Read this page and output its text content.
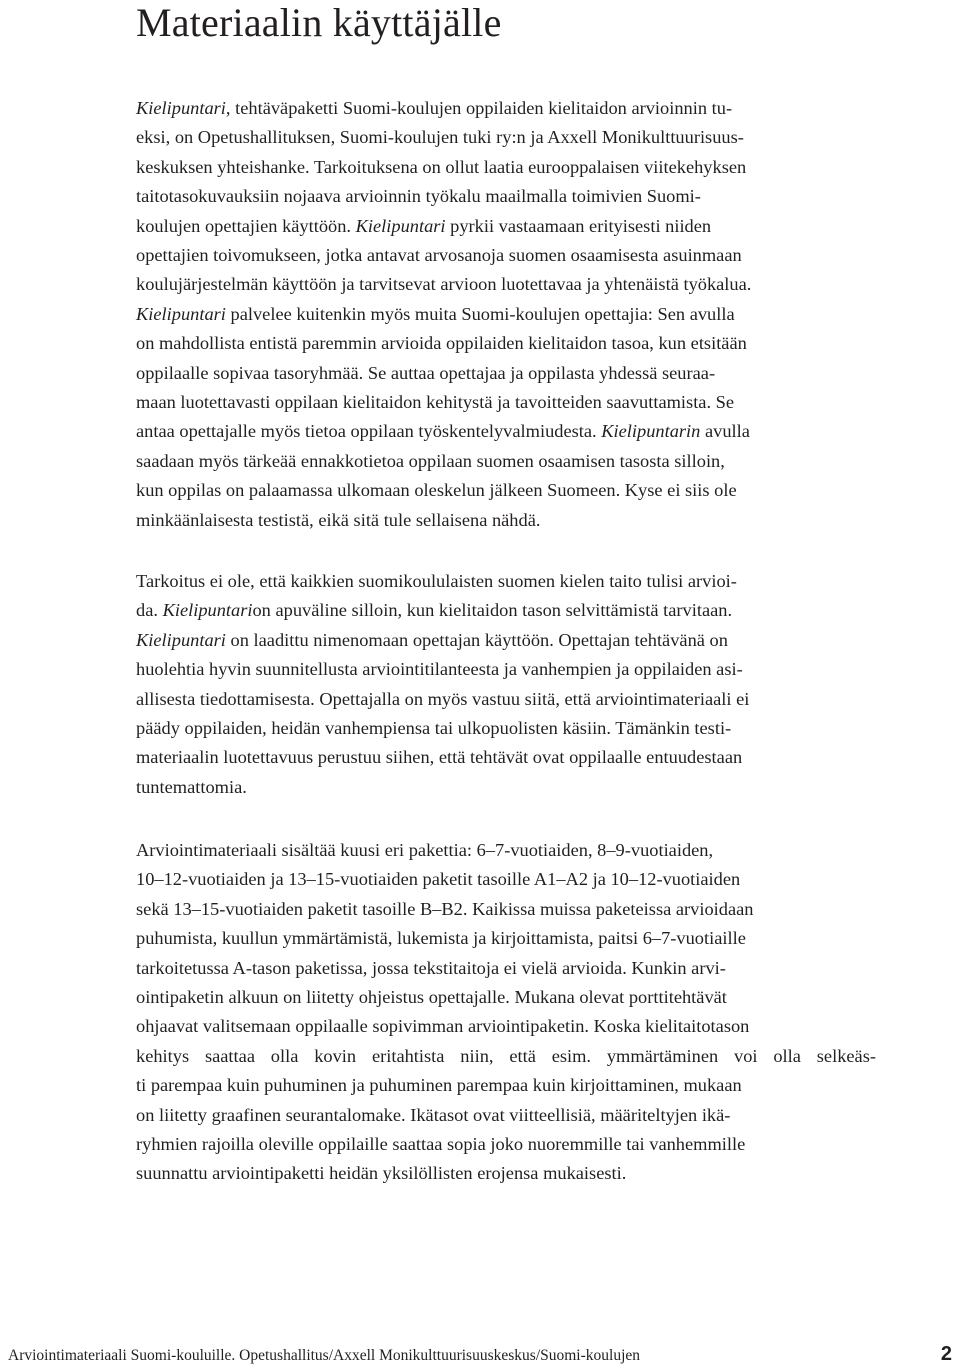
Materiaalin käyttäjälle
Kielipuntari, tehtäväpaketti Suomi-koulujen oppilaiden kielitaidon arvioinnin tu-
eksi, on Opetushallituksen, Suomi-koulujen tuki ry:n ja Axxell Monikulttuurisuus-
keskuksen yhteishanke. Tarkoituksena on ollut laatia eurooppalaisen viitekehyksen
taitotasokuvauksiin nojaava arvioinnin työkalu maailmalla toimivien Suomi-
koulujen opettajien käyttöön. Kielipuntari pyrkii vastaamaan erityisesti niiden
opettajien toivomukseen, jotka antavat arvosanoja suomen osaamisesta asuinmaan
koulujärjestelmän käyttöön ja tarvitsevat arvioon luotettavaa ja yhtenäistä työkalua.
Kielipuntari palvelee kuitenkin myös muita Suomi-koulujen opettajia: Sen avulla
on mahdollista entistä paremmin arvioida oppilaiden kielitaidon tasoa, kun etsitään
oppilaalle sopivaa tasoryhmää. Se auttaa opettajaa ja oppilasta yhdessä seuraa-
maan luotettavasti oppilaan kielitaidon kehitystä ja tavoitteiden saavuttamista. Se
antaa opettajalle myös tietoa oppilaan työskentelyvalmiudesta. Kielipuntarin avulla
saadaan myös tärkeää ennakkotietoa oppilaan suomen osaamisen tasosta silloin,
kun oppilas on palaamassa ulkomaan oleskelun jälkeen Suomeen. Kyse ei siis ole
minkäänlaisesta testistä, eikä sitä tule sellaisena nähdä.
Tarkoitus ei ole, että kaikkien suomikoululaisten suomen kielen taito tulisi arvioi-
da. Kielipuntarion apuväline silloin, kun kielitaidon tason selvittämistä tarvitaan.
Kielipuntari on laadittu nimenomaan opettajan käyttöön. Opettajan tehtävänä on
huolehtia hyvin suunnitellusta arviointitilanteesta ja vanhempien ja oppilaiden asi-
allisesta tiedottamisesta. Opettajalla on myös vastuu siitä, että arviointimateriaali ei
päädy oppilaiden, heidän vanhempiensa tai ulkopuolisten käsiin. Tämänkin testi-
materiaalin luotettavuus perustuu siihen, että tehtävät ovat oppilaalle entuudestaan
tuntemattomia.
Arviointimateriaali sisältää kuusi eri pakettia: 6–7-vuotiaiden, 8–9-vuotiaiden,
10–12-vuotiaiden ja 13–15-vuotiaiden paketit tasoille A1–A2 ja 10–12-vuotiaiden
sekä 13–15-vuotiaiden paketit tasoille B–B2. Kaikissa muissa paketeissa arvioidaan
puhumista, kuullun ymmärtämistä, lukemista ja kirjoittamista, paitsi 6–7-vuotiaille
tarkoitetussa A-tason paketissa, jossa tekstitaitoja ei vielä arvioida. Kunkin arvi-
ointipaketin alkuun on liitetty ohjeistus opettajalle. Mukana olevat porttitehtävät
ohjaavat valitsemaan oppilaalle sopivimman arviointipaketin. Koska kielitaitotason
kehitys saattaa olla kovin eritahtista niin, että esim. ymmärtäminen voi olla selkeäs-
ti parempaa kuin puhuminen ja puhuminen parempaa kuin kirjoittaminen, mukaan
on liitetty graafinen seurantalomake. Ikätasot ovat viitteellisiä, määriteltyjen ikä-
ryhmien rajoilla oleville oppilaille saattaa sopia joko nuoremmille tai vanhemmille
suunnattu arviointipaketti heidän yksilöllisten erojensa mukaisesti.
Arviointimateriaali Suomi-kouluille. Opetushallitus/Axxell Monikulttuurisuuskeskus/Suomi-koulujen	2
